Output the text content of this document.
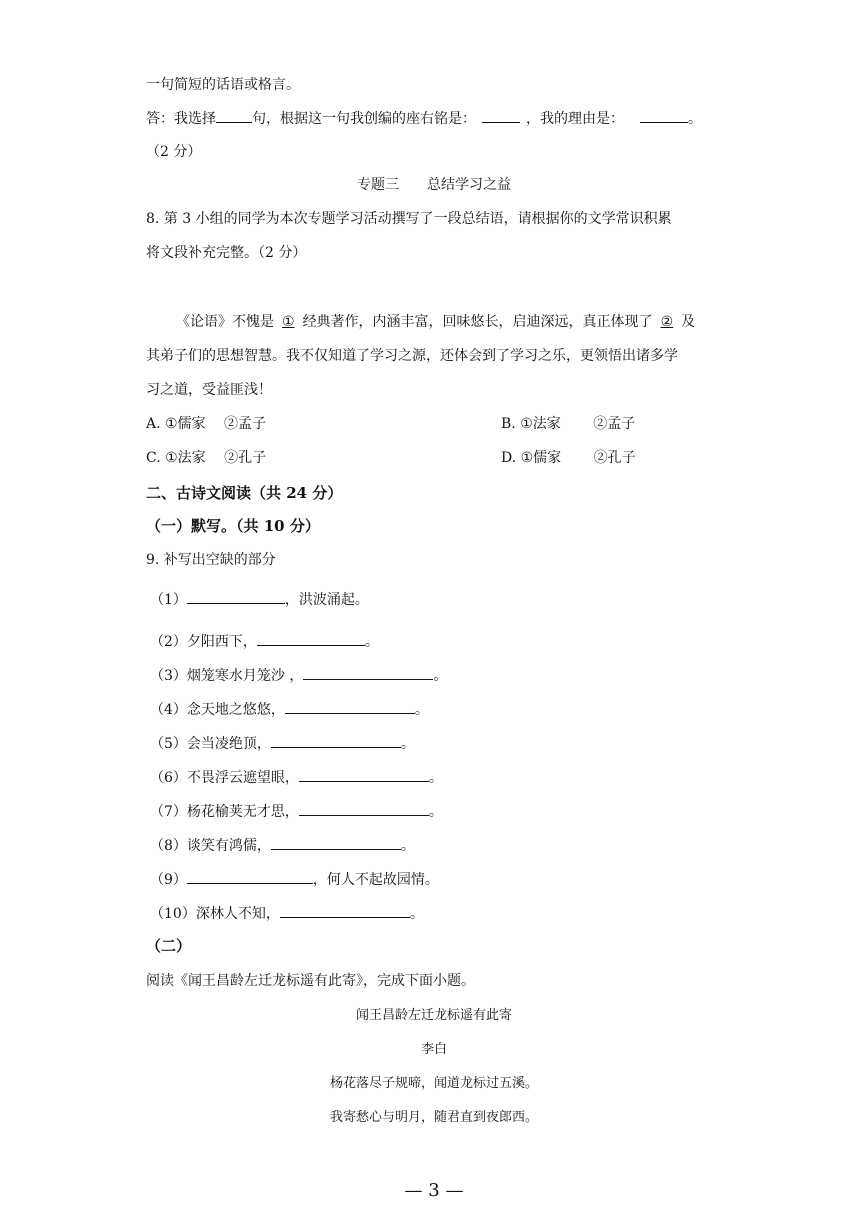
一句简短的话语或格言。
答：我选择	句，根据这一句我创编的座右铭是：	，我的理由是：	。
（2 分）
专题三　　总结学习之益
8. 第 3 小组的同学为本次专题学习活动撰写了一段总结语，请根据你的文学常识积累
将文段补充完整。（2 分）
《论语》不愧是 ① 经典著作，内涵丰富，回味悠长，启迪深远，真正体现了 ② 及
其弟子们的思想智慧。我不仅知道了学习之源，还体会到了学习之乐，更领悟出诸多学
习之道，受益匪浅！
A. ①儒家　 ②孟子	B. ①法家　　 ②孟子
C. ①法家　 ②孔子	D. ①儒家　　 ②孔子
二、古诗文阅读（共 24 分）
（一）默写。（共 10 分）
9. 补写出空缺的部分
（1）	，洪波涌起。
（2）夕阳西下，	。
（3）烟笼寒水月笼沙 ，	。
（4）念天地之悠悠，	。
（5）会当凌绝顶，	。
（6）不畏浮云遮望眼，	。
（7）杨花榆荚无才思，	。
（8）谈笑有鸿儒，	。
（9）	，何人不起故园情。
（10）深林人不知，	。
（二）
阅读《闻王昌龄左迁龙标遥有此寄》，完成下面小题。
闻王昌龄左迁龙标遥有此寄
李白
杨花落尽子规啼，闻道龙标过五溪。
我寄愁心与明月，随君直到夜郎西。
— 3 —
